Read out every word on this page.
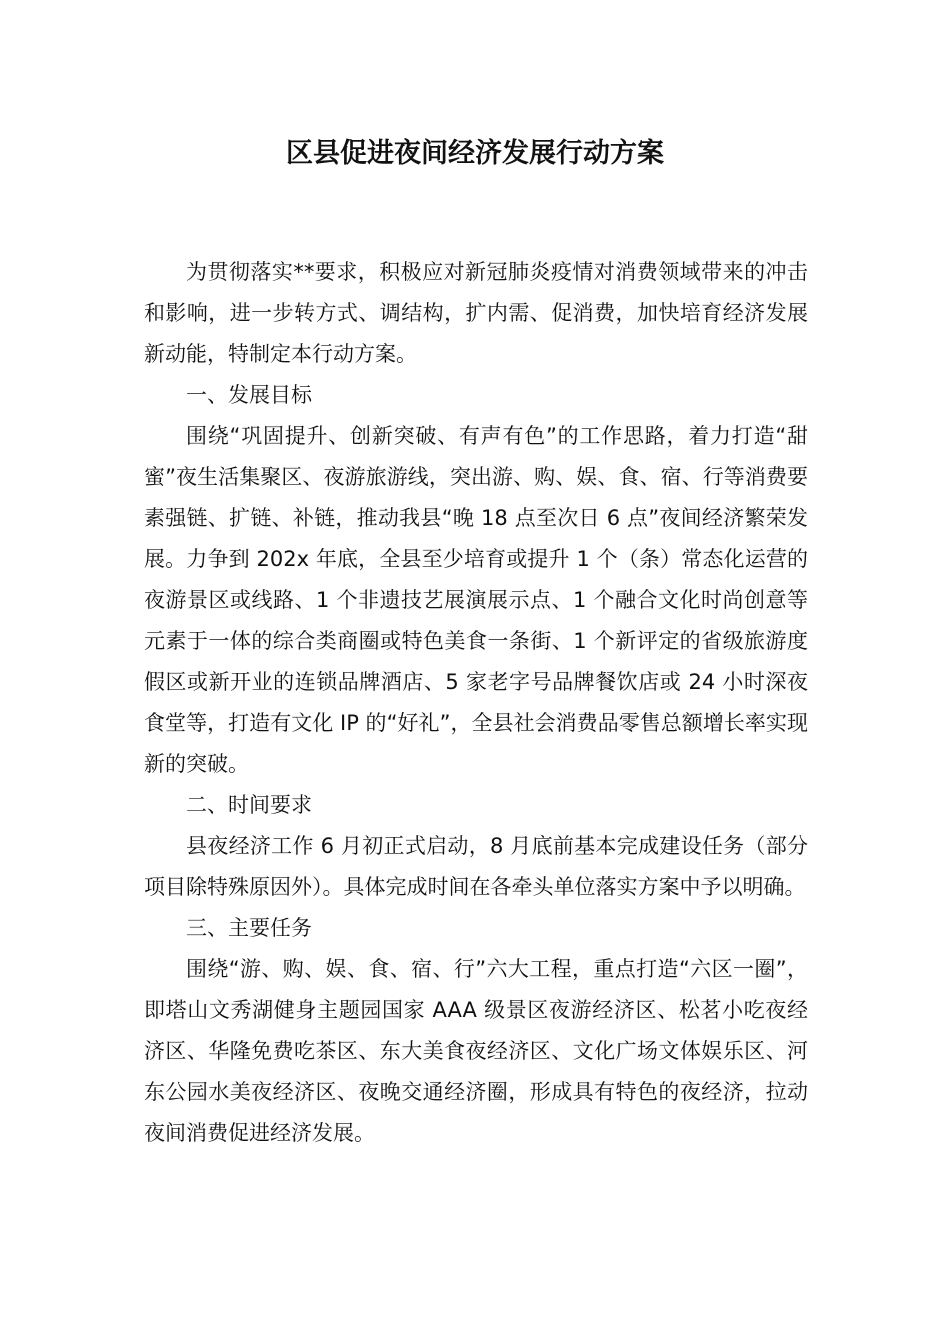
区县促进夜间经济发展行动方案

为贯彻落实**要求，积极应对新冠肺炎疫情对消费领域带来的冲击和影响，进一步转方式、调结构，扩内需、促消费，加快培育经济发展新动能，特制定本行动方案。

一、发展目标

围绕“巩固提升、创新突破、有声有色”的工作思路，着力打造“甜蜜”夜生活集聚区、夜游旅游线，突出游、购、娱、食、宿、行等消费要素强链、扩链、补链，推动我县“晚 18 点至次日 6 点”夜间经济繁荣发展。力争到 202x 年底，全县至少培育或提升 1 个（条）常态化运营的夜游景区或线路、1 个非遗技艺展演展示点、1 个融合文化时尚创意等元素于一体的综合类商圈或特色美食一条街、1 个新评定的省级旅游度假区或新开业的连锁品牌酒店、5 家老字号品牌餐饮店或 24 小时深夜食堂等，打造有文化 IP 的“好礼”，全县社会消费品零售总额增长率实现新的突破。

二、时间要求

县夜经济工作 6 月初正式启动，8 月底前基本完成建设任务（部分项目除特殊原因外）。具体完成时间在各牵头单位落实方案中予以明确。

三、主要任务

围绕“游、购、娱、食、宿、行”六大工程，重点打造“六区一圈”，即塔山文秀湖健身主题园国家 AAA 级景区夜游经济区、松茗小吃夜经济区、华隆免费吃茶区、东大美食夜经济区、文化广场文体娱乐区、河东公园水美夜经济区、夜晚交通经济圈，形成具有特色的夜经济，拉动夜间消费促进经济发展。
